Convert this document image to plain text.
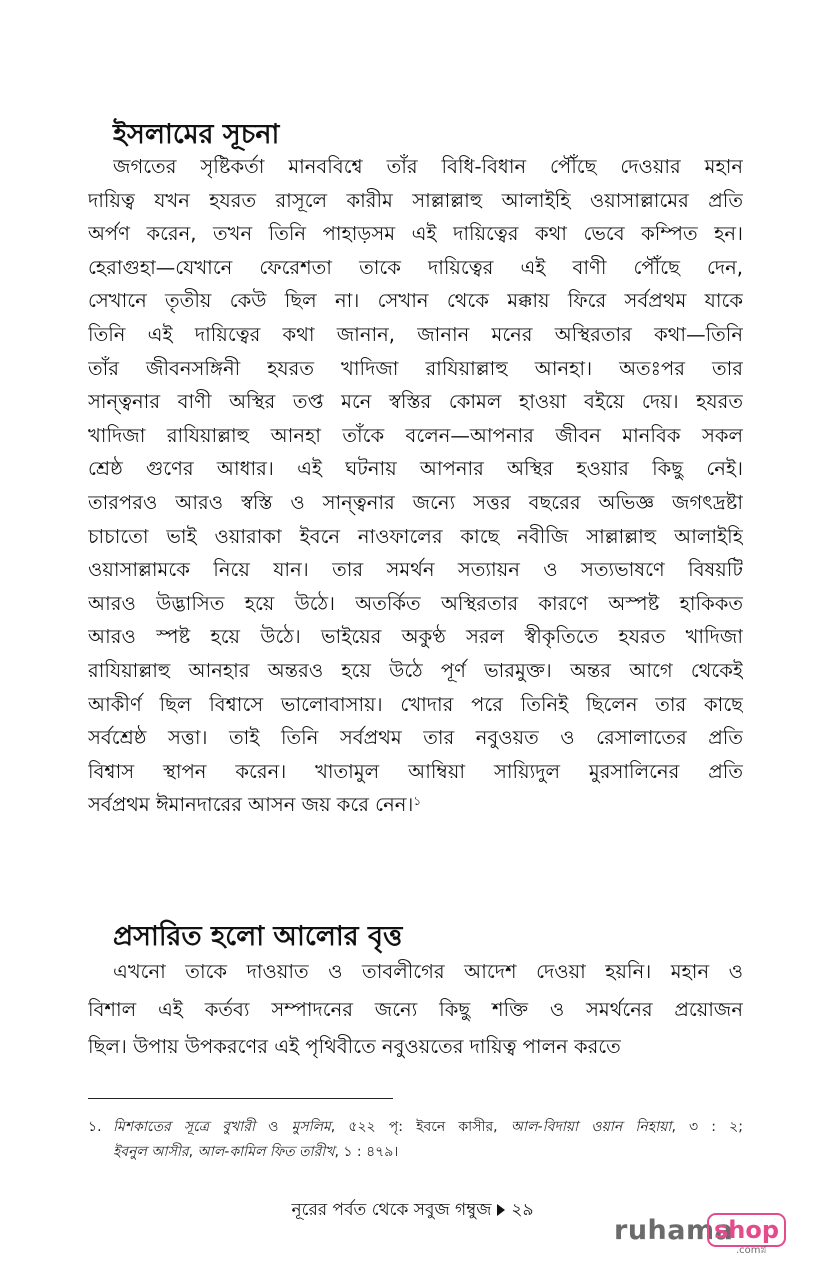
ইসলামের সূচনা
জগতের সৃষ্টিকর্তা মানববিশ্বে তাঁর বিধি-বিধান পৌঁছে দেওয়ার মহান
দায়িত্ব যখন হযরত রাসূলে কারীম সাল্লাল্লাহু আলাইহি ওয়াসাল্লামের প্রতি
অর্পণ করেন, তখন তিনি পাহাড়সম এই দায়িত্বের কথা ভেবে কম্পিত হন।
হেরাগুহা—যেখানে ফেরেশতা তাকে দায়িত্বের এই বাণী পৌঁছে দেন,
সেখানে তৃতীয় কেউ ছিল না। সেখান থেকে মক্কায় ফিরে সর্বপ্রথম যাকে
তিনি এই দায়িত্বের কথা জানান, জানান মনের অস্থিরতার কথা—তিনি
তাঁর জীবনসঙ্গিনী হযরত খাদিজা রাযিয়াল্লাহু আনহা। অতঃপর তার
সান্ত্বনার বাণী অস্থির তপ্ত মনে স্বস্তির কোমল হাওয়া বইয়ে দেয়। হযরত
খাদিজা রাযিয়াল্লাহু আনহা তাঁকে বলেন—আপনার জীবন মানবিক সকল
শ্রেষ্ঠ গুণের আধার। এই ঘটনায় আপনার অস্থির হওয়ার কিছু নেই।
তারপরও আরও স্বস্তি ও সান্ত্বনার জন্যে সত্তর বছরের অভিজ্ঞ জগৎদ্রষ্টা
চাচাতো ভাই ওয়ারাকা ইবনে নাওফালের কাছে নবীজি সাল্লাল্লাহু আলাইহি
ওয়াসাল্লামকে নিয়ে যান। তার সমর্থন সত্যায়ন ও সত্যভাষণে বিষয়টি
আরও উদ্ভাসিত হয়ে উঠে। অতর্কিত অস্থিরতার কারণে অস্পষ্ট হাকিকত
আরও স্পষ্ট হয়ে উঠে। ভাইয়ের অকুণ্ঠ সরল স্বীকৃতিতে হযরত খাদিজা
রাযিয়াল্লাহু আনহার অন্তরও হয়ে উঠে পূর্ণ ভারমুক্ত। অন্তর আগে থেকেই
আকীর্ণ ছিল বিশ্বাসে ভালোবাসায়। খোদার পরে তিনিই ছিলেন তার কাছে
সর্বশ্রেষ্ঠ সত্তা। তাই তিনি সর্বপ্রথম তার নবুওয়ত ও রেসালাতের প্রতি
বিশ্বাস স্থাপন করেন। খাতামুল আম্বিয়া সায়্যিদুল মুরসালিনের প্রতি
সর্বপ্রথম ঈমানদারের আসন জয় করে নেন।$^১$
প্রসারিত হলো আলোর বৃত্ত
এখনো তাকে দাওয়াত ও তাবলীগের আদেশ দেওয়া হয়নি। মহান ও
বিশাল এই কর্তব্য সম্পাদনের জন্যে কিছু শক্তি ও সমর্থনের প্রয়োজন
ছিল। উপায় উপকরণের এই পৃথিবীতে নবুওয়তের দায়িত্ব পালন করতে
১. মিশকাতের সূত্রে বুখারী ও মুসলিম, ৫২২ পৃ: ইবনে কাসীর, আল-বিদায়া ওয়ান নিহায়া, ৩ : ২;
ইবনুল আসীর, আল-কামিল ফিত তারীখ, ১ : ৪৭৯।
নূরের পর্বত থেকে সবুজ গম্বুজ ২৯
ruhama
shop
.comগ্ন
